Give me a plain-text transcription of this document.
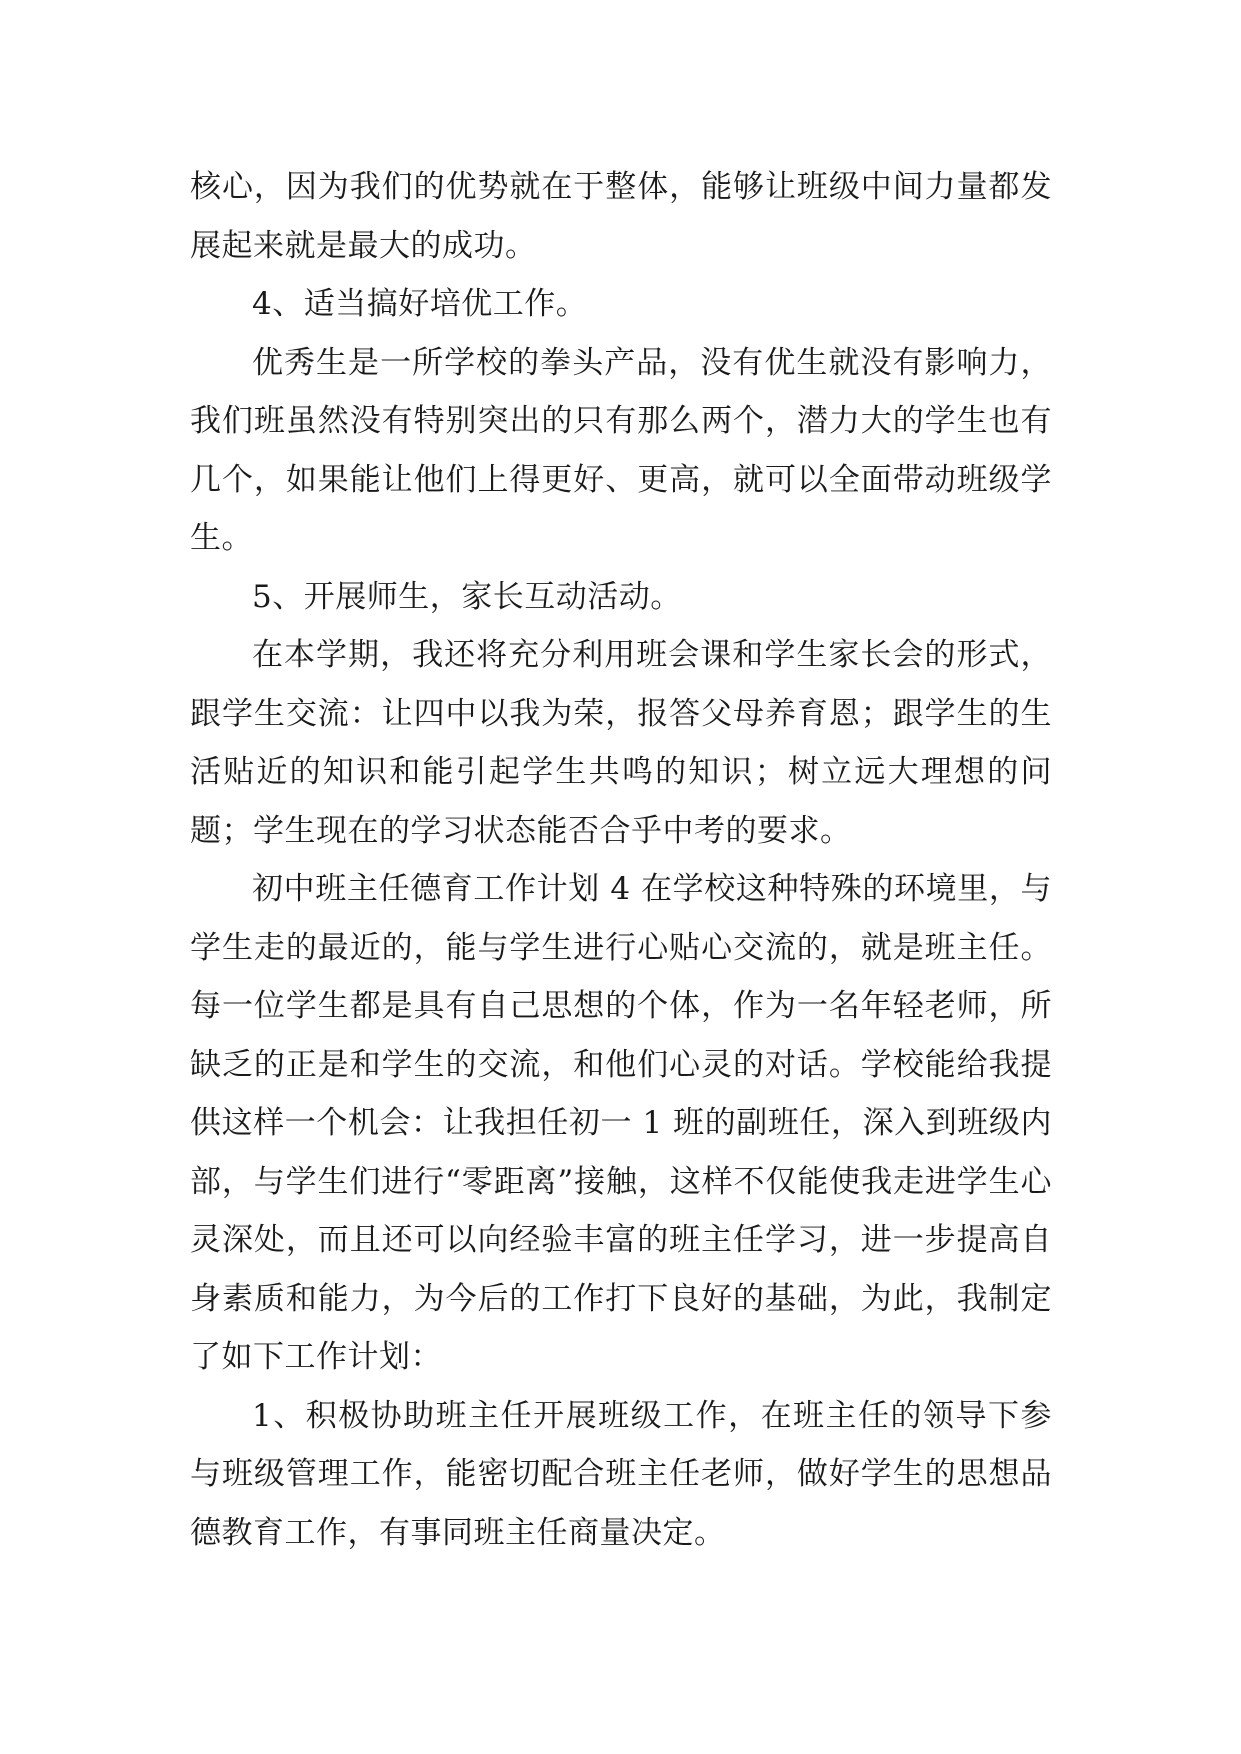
核心，因为我们的优势就在于整体，能够让班级中间力量都发展起来就是最大的成功。

4、适当搞好培优工作。

优秀生是一所学校的拳头产品，没有优生就没有影响力，我们班虽然没有特别突出的只有那么两个，潜力大的学生也有几个，如果能让他们上得更好、更高，就可以全面带动班级学生。

5、开展师生，家长互动活动。

在本学期，我还将充分利用班会课和学生家长会的形式，跟学生交流：让四中以我为荣，报答父母养育恩；跟学生的生活贴近的知识和能引起学生共鸣的知识；树立远大理想的问题；学生现在的学习状态能否合乎中考的要求。

初中班主任德育工作计划 4 在学校这种特殊的环境里，与学生走的最近的，能与学生进行心贴心交流的，就是班主任。每一位学生都是具有自己思想的个体，作为一名年轻老师，所缺乏的正是和学生的交流，和他们心灵的对话。学校能给我提供这样一个机会：让我担任初一 1 班的副班任，深入到班级内部，与学生们进行“零距离”接触，这样不仅能使我走进学生心灵深处，而且还可以向经验丰富的班主任学习，进一步提高自身素质和能力，为今后的工作打下良好的基础，为此，我制定了如下工作计划：

1、积极协助班主任开展班级工作，在班主任的领导下参与班级管理工作，能密切配合班主任老师，做好学生的思想品德教育工作，有事同班主任商量决定。
